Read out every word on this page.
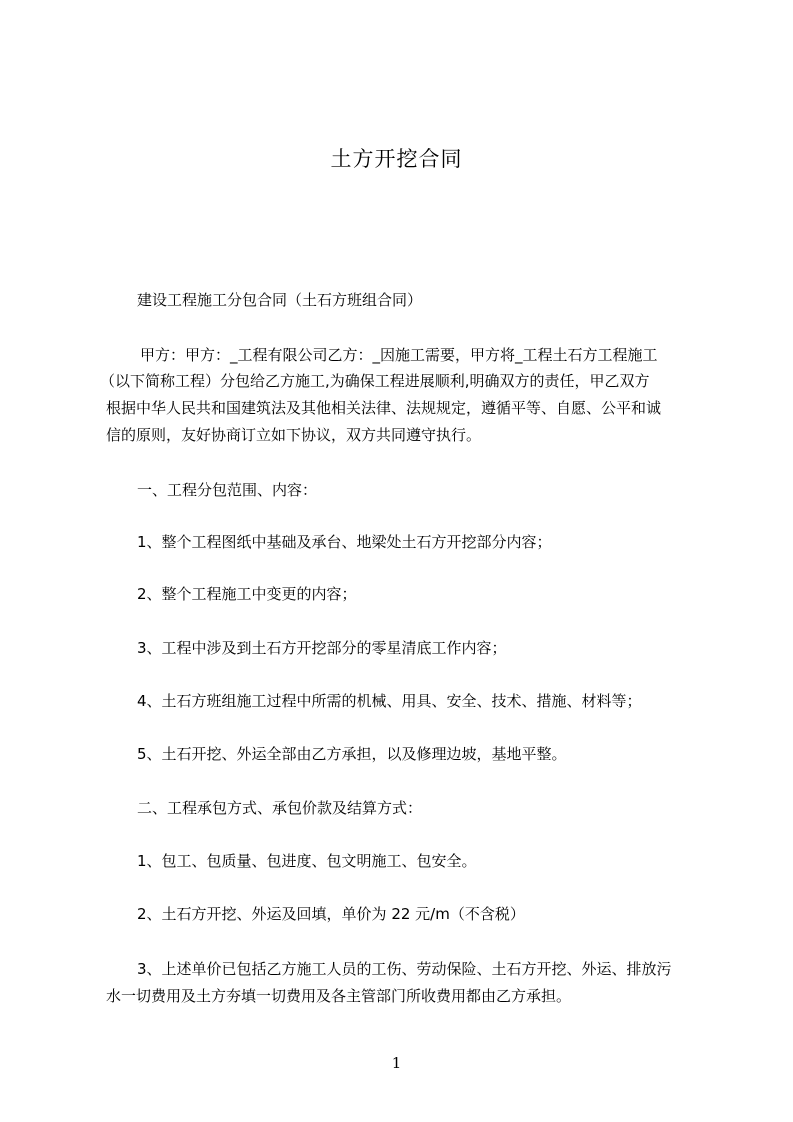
土方开挖合同
建设工程施工分包合同（土石方班组合同）
甲方：甲方：_工程有限公司乙方：_因施工需要，甲方将_工程土石方工程施工
（以下简称工程）分包给乙方施工,为确保工程进展顺利,明确双方的责任，甲乙双方
根据中华人民共和国建筑法及其他相关法律、法规规定，遵循平等、自愿、公平和诚
信的原则，友好协商订立如下协议，双方共同遵守执行。
一、工程分包范围、内容：
1、整个工程图纸中基础及承台、地梁处土石方开挖部分内容；
2、整个工程施工中变更的内容；
3、工程中涉及到土石方开挖部分的零星清底工作内容；
4、土石方班组施工过程中所需的机械、用具、安全、技术、措施、材料等；
5、土石开挖、外运全部由乙方承担，以及修理边坡，基地平整。
二、工程承包方式、承包价款及结算方式：
1、包工、包质量、包进度、包文明施工、包安全。
2、土石方开挖、外运及回填，单价为 22 元/m（不含税）
3、上述单价已包括乙方施工人员的工伤、劳动保险、土石方开挖、外运、排放污
水一切费用及土方夯填一切费用及各主管部门所收费用都由乙方承担。
1
